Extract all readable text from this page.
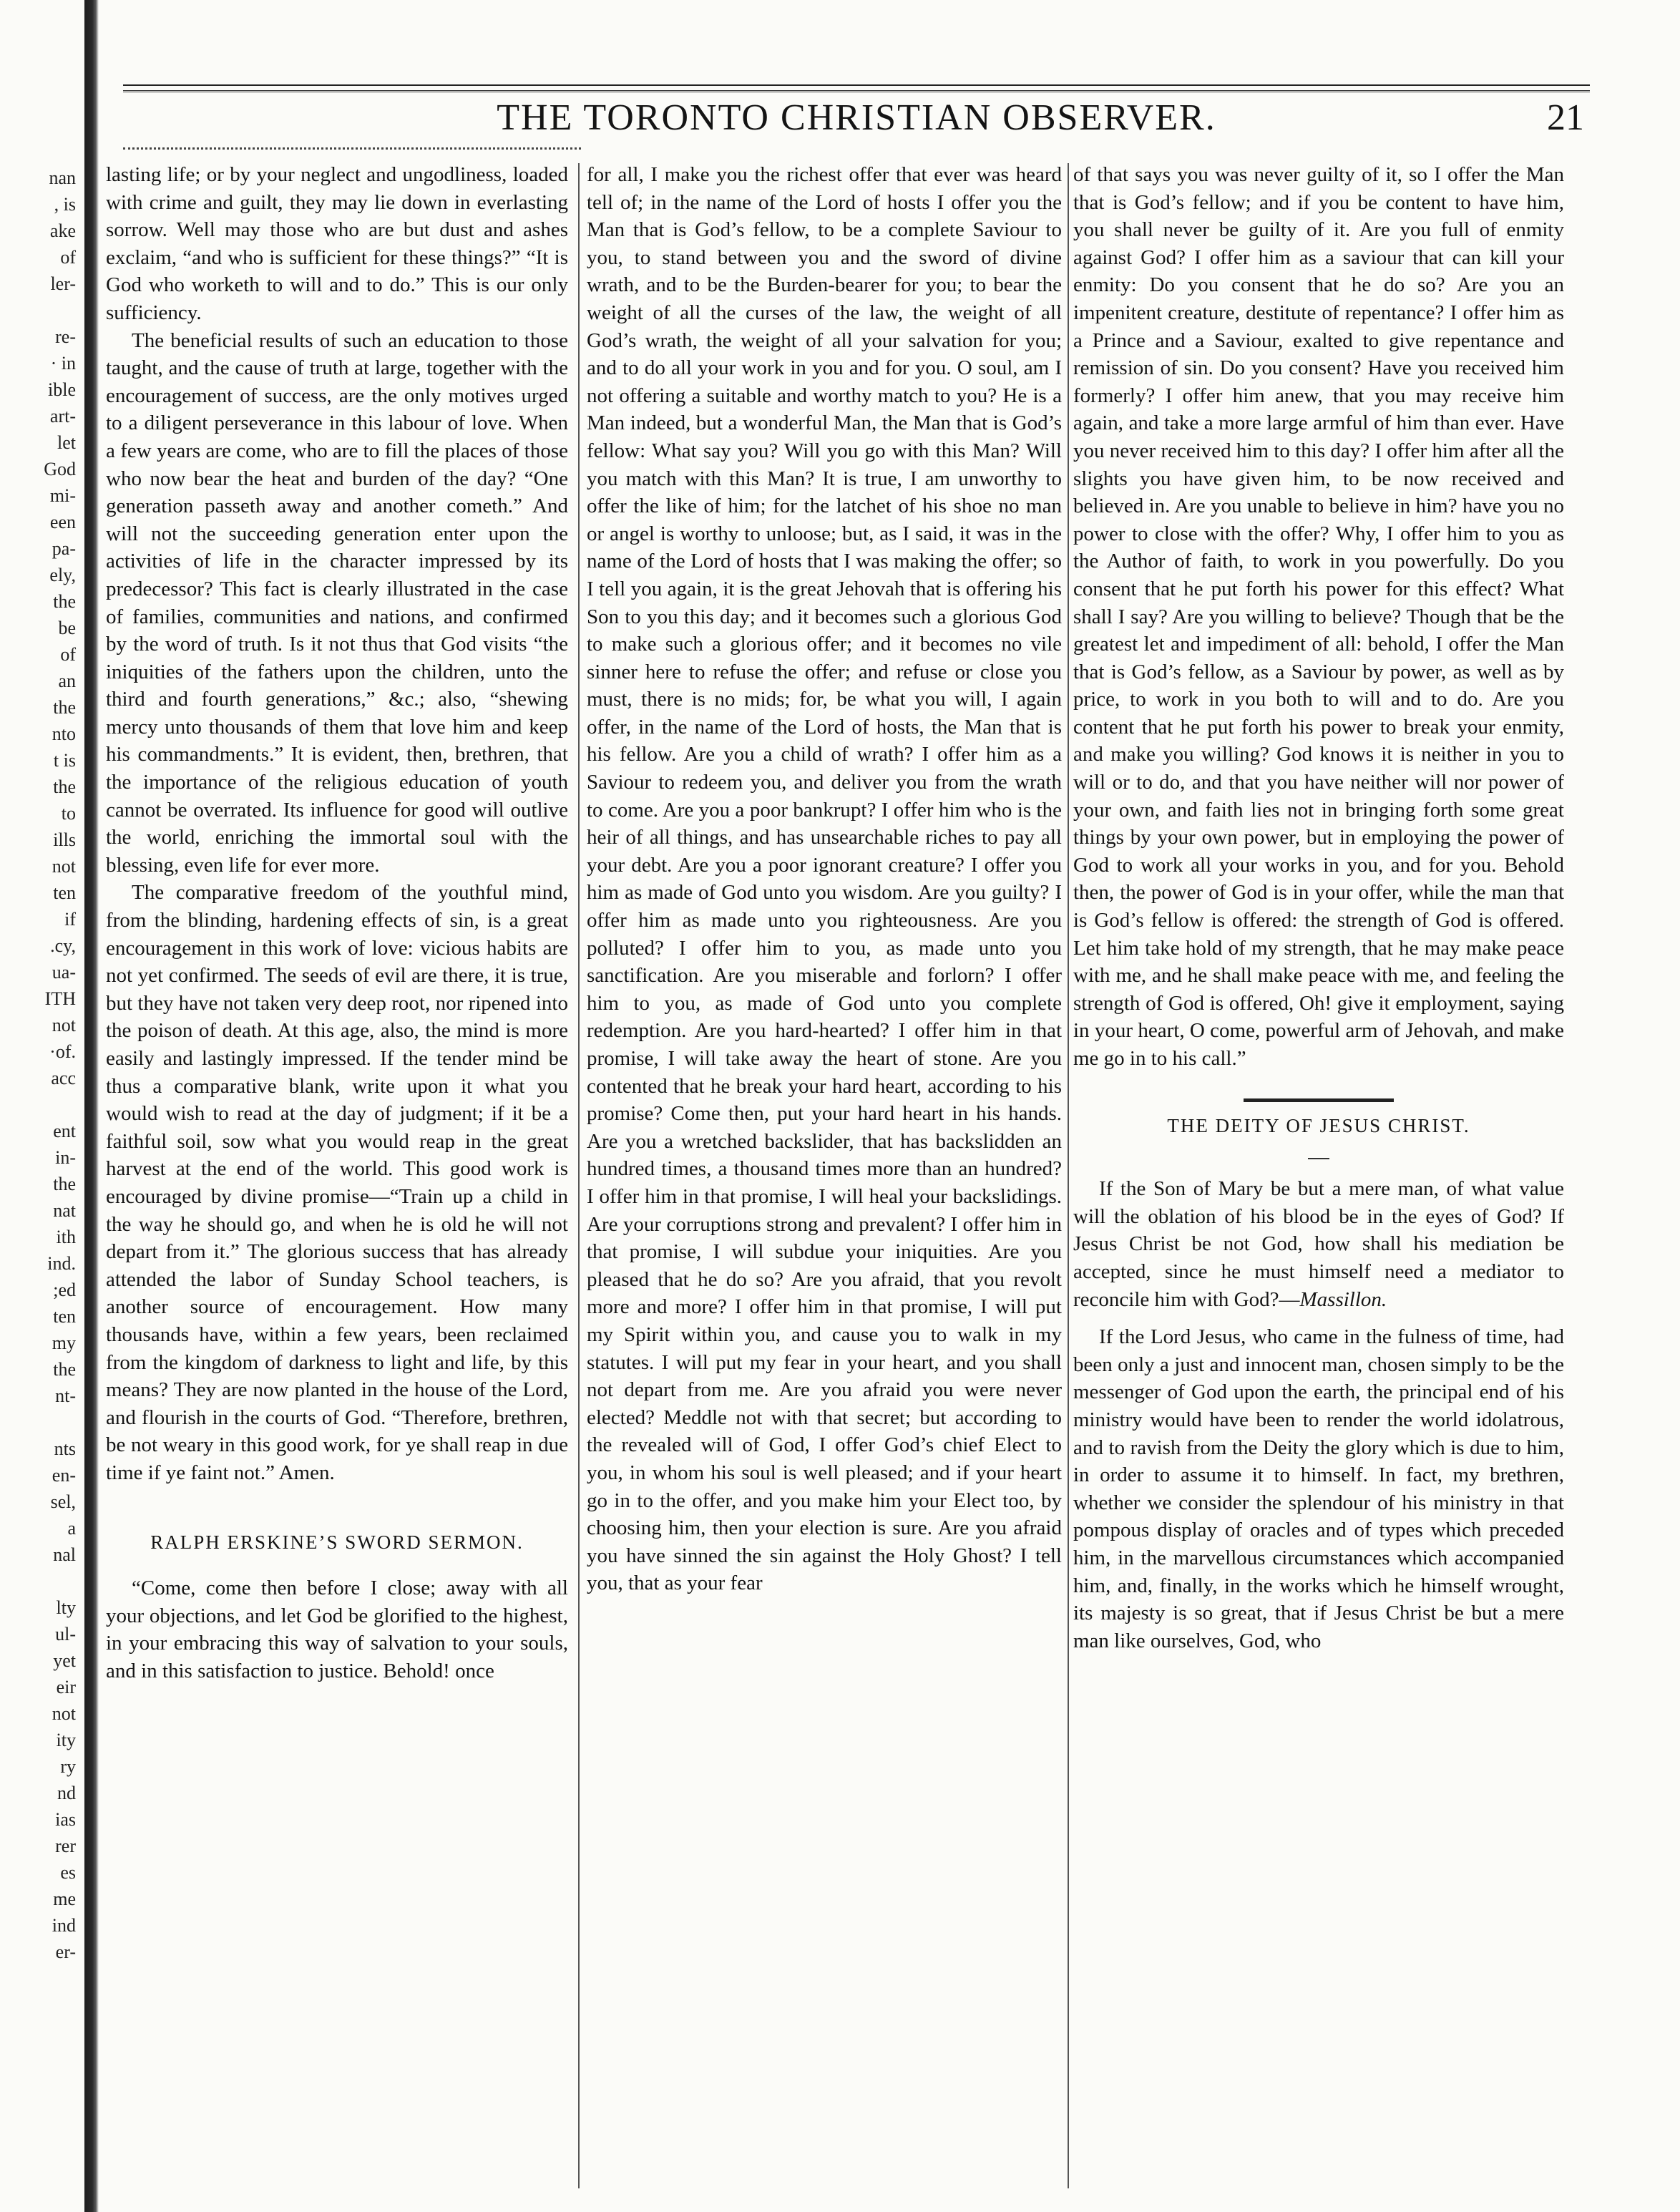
nan
, is
ake
of
ler-

re-
· in
ible
art-
let
God
mi-
een
pa-
ely,
the
be
of
an
the
nto
t is
the
to
ills
not
ten
if
.cy,
ua-
ITH
not
·of.
acc

ent
in-
the
nat
ith
ind.
;ed
ten
my
the
nt-

nts
en-
sel,
a
nal

lty
ul-
yet
eir
not
ity
ry
nd
ias
rer
es
me
ind
er-
THE TORONTO CHRISTIAN OBSERVER.	21

lasting life; or by your neglect and ungodliness, loaded with crime and guilt, they may lie down in everlasting sorrow. Well may those who are but dust and ashes exclaim, “and who is sufficient for these things?” “It is God who worketh to will and to do.” This is our only sufficiency.

The beneficial results of such an education to those taught, and the cause of truth at large, together with the encouragement of success, are the only motives urged to a diligent perseverance in this labour of love. When a few years are come, who are to fill the places of those who now bear the heat and burden of the day? “One generation passeth away and another cometh.” And will not the succeeding generation enter upon the activities of life in the character impressed by its predecessor? This fact is clearly illustrated in the case of families, communities and nations, and confirmed by the word of truth. Is it not thus that God visits “the iniquities of the fathers upon the children, unto the third and fourth generations,” &c.; also, “shewing mercy unto thousands of them that love him and keep his commandments.” It is evident, then, brethren, that the importance of the religious education of youth cannot be overrated. Its influence for good will outlive the world, enriching the immortal soul with the blessing, even life for ever more.

The comparative freedom of the youthful mind, from the blinding, hardening effects of sin, is a great encouragement in this work of love: vicious habits are not yet confirmed. The seeds of evil are there, it is true, but they have not taken very deep root, nor ripened into the poison of death. At this age, also, the mind is more easily and lastingly impressed. If the tender mind be thus a comparative blank, write upon it what you would wish to read at the day of judgment; if it be a faithful soil, sow what you would reap in the great harvest at the end of the world. This good work is encouraged by divine promise—“Train up a child in the way he should go, and when he is old he will not depart from it.” The glorious success that has already attended the labor of Sunday School teachers, is another source of encouragement. How many thousands have, within a few years, been reclaimed from the kingdom of darkness to light and life, by this means? They are now planted in the house of the Lord, and flourish in the courts of God. “Therefore, brethren, be not weary in this good work, for ye shall reap in due time if ye faint not.” Amen.

RALPH ERSKINE’S SWORD SERMON.

“Come, come then before I close; away with all your objections, and let God be glorified to the highest, in your embracing this way of salvation to your souls, and in this satisfaction to justice. Behold! once

for all, I make you the richest offer that ever was heard tell of; in the name of the Lord of hosts I offer you the Man that is God’s fellow, to be a complete Saviour to you, to stand between you and the sword of divine wrath, and to be the Burden-bearer for you; to bear the weight of all the curses of the law, the weight of all God’s wrath, the weight of all your salvation for you; and to do all your work in you and for you. O soul, am I not offering a suitable and worthy match to you? He is a Man indeed, but a wonderful Man, the Man that is God’s fellow: What say you? Will you go with this Man? Will you match with this Man? It is true, I am unworthy to offer the like of him; for the latchet of his shoe no man or angel is worthy to unloose; but, as I said, it was in the name of the Lord of hosts that I was making the offer; so I tell you again, it is the great Jehovah that is offering his Son to you this day; and it becomes such a glorious God to make such a glorious offer; and it becomes no vile sinner here to refuse the offer; and refuse or close you must, there is no mids; for, be what you will, I again offer, in the name of the Lord of hosts, the Man that is his fellow. Are you a child of wrath? I offer him as a Saviour to redeem you, and deliver you from the wrath to come. Are you a poor bankrupt? I offer him who is the heir of all things, and has unsearchable riches to pay all your debt. Are you a poor ignorant creature? I offer you him as made of God unto you wisdom. Are you guilty? I offer him as made unto you righteousness. Are you polluted? I offer him to you, as made unto you sanctification. Are you miserable and forlorn? I offer him to you, as made of God unto you complete redemption. Are you hard-hearted? I offer him in that promise, I will take away the heart of stone. Are you contented that he break your hard heart, according to his promise? Come then, put your hard heart in his hands. Are you a wretched backslider, that has backslidden an hundred times, a thousand times more than an hundred? I offer him in that promise, I will heal your backslidings. Are your corruptions strong and prevalent? I offer him in that promise, I will subdue your iniquities. Are you pleased that he do so? Are you afraid, that you revolt more and more? I offer him in that promise, I will put my Spirit within you, and cause you to walk in my statutes. I will put my fear in your heart, and you shall not depart from me. Are you afraid you were never elected? Meddle not with that secret; but according to the revealed will of God, I offer God’s chief Elect to you, in whom his soul is well pleased; and if your heart go in to the offer, and you make him your Elect too, by choosing him, then your election is sure. Are you afraid you have sinned the sin against the Holy Ghost? I tell you, that as your fear

of that says you was never guilty of it, so I offer the Man that is God’s fellow; and if you be content to have him, you shall never be guilty of it. Are you full of enmity against God? I offer him as a saviour that can kill your enmity: Do you consent that he do so? Are you an impenitent creature, destitute of repentance? I offer him as a Prince and a Saviour, exalted to give repentance and remission of sin. Do you consent? Have you received him formerly? I offer him anew, that you may receive him again, and take a more large armful of him than ever. Have you never received him to this day? I offer him after all the slights you have given him, to be now received and believed in. Are you unable to believe in him? have you no power to close with the offer? Why, I offer him to you as the Author of faith, to work in you powerfully. Do you consent that he put forth his power for this effect? What shall I say? Are you willing to believe? Though that be the greatest let and impediment of all: behold, I offer the Man that is God’s fellow, as a Saviour by power, as well as by price, to work in you both to will and to do. Are you content that he put forth his power to break your enmity, and make you willing? God knows it is neither in you to will or to do, and that you have neither will nor power of your own, and faith lies not in bringing forth some great things by your own power, but in employing the power of God to work all your works in you, and for you. Behold then, the power of God is in your offer, while the man that is God’s fellow is offered: the strength of God is offered. Let him take hold of my strength, that he may make peace with me, and he shall make peace with me, and feeling the strength of God is offered, Oh! give it employment, saying in your heart, O come, powerful arm of Jehovah, and make me go in to his call.”

THE DEITY OF JESUS CHRIST.

If the Son of Mary be but a mere man, of what value will the oblation of his blood be in the eyes of God? If Jesus Christ be not God, how shall his mediation be accepted, since he must himself need a mediator to reconcile him with God?—Massillon.

If the Lord Jesus, who came in the fulness of time, had been only a just and innocent man, chosen simply to be the messenger of God upon the earth, the principal end of his ministry would have been to render the world idolatrous, and to ravish from the Deity the glory which is due to him, in order to assume it to himself. In fact, my brethren, whether we consider the splendour of his ministry in that pompous display of oracles and of types which preceded him, in the marvellous circumstances which accompanied him, and, finally, in the works which he himself wrought, its majesty is so great, that if Jesus Christ be but a mere man like ourselves, God, who
